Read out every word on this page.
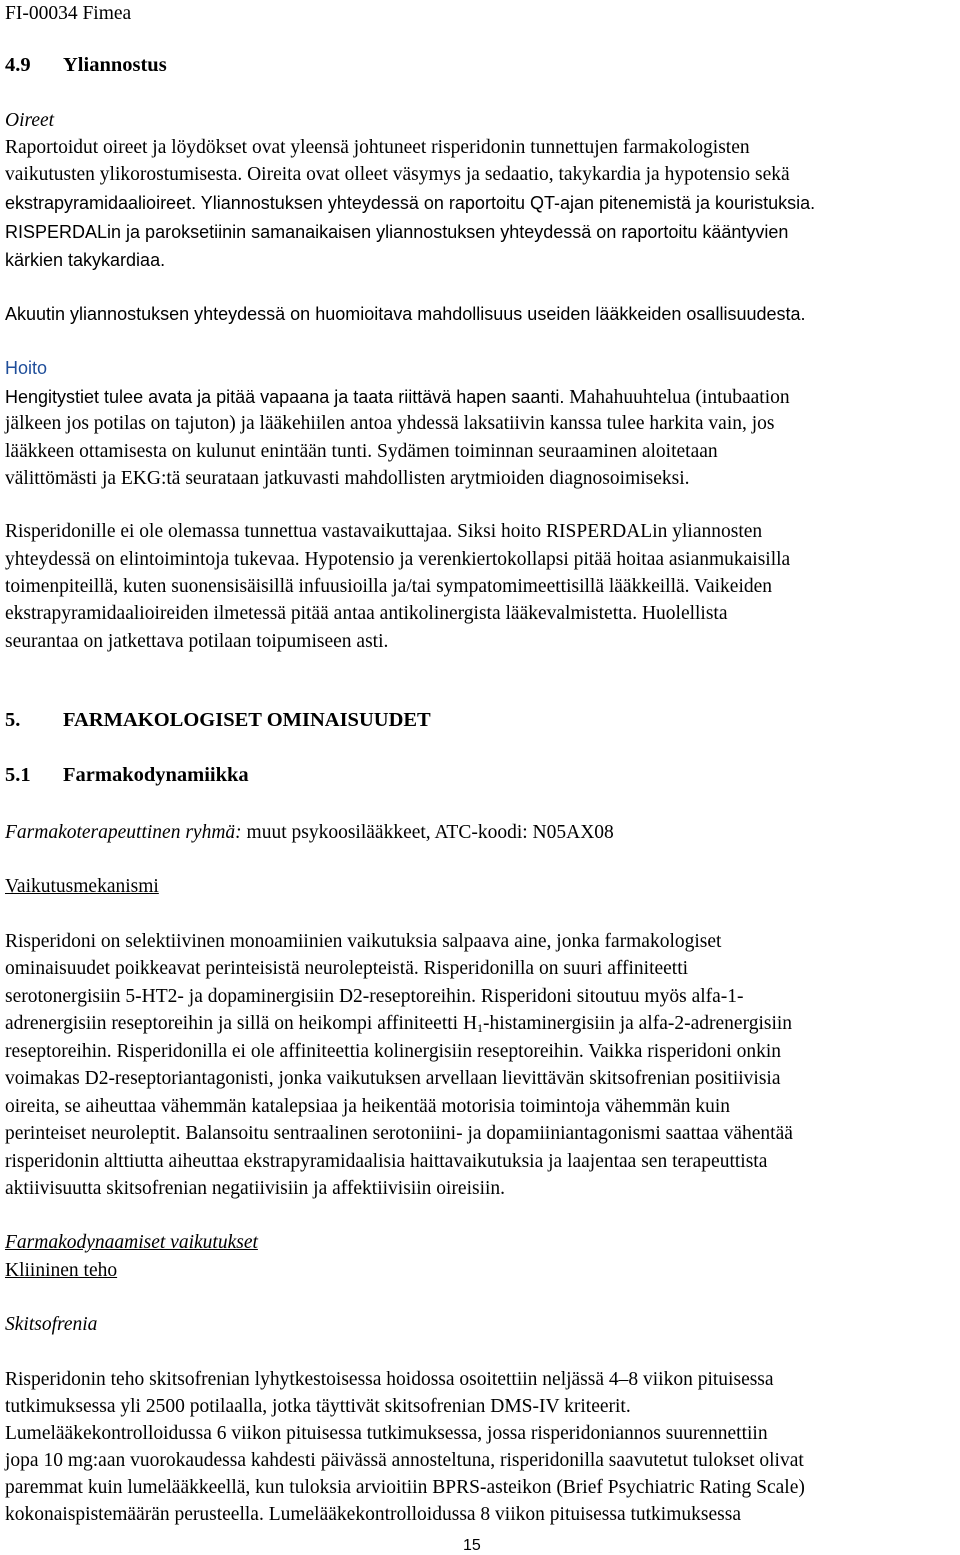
FI-00034 Fimea
4.9 Yliannostus
Oireet
Raportoidut oireet ja löydökset ovat yleensä johtuneet risperidonin tunnettujen farmakologisten
vaikutusten ylikorostumisesta. Oireita ovat olleet väsymys ja sedaatio, takykardia ja hypotensio sekä
ekstrapyramidaalioireet. Yliannostuksen yhteydessä on raportoitu QT-ajan pitenemistä ja kouristuksia.
RISPERDALin ja paroksetiinin samanaikaisen yliannostuksen yhteydessä on raportoitu kääntyvien
kärkien takykardiaa.
Akuutin yliannostuksen yhteydessä on huomioitava mahdollisuus useiden lääkkeiden osallisuudesta.
Hoito
Hengitystiet tulee avata ja pitää vapaana ja taata riittävä hapen saanti. Mahahuuhtelua (intubaation
jälkeen jos potilas on tajuton) ja lääkehiilen antoa yhdessä laksatiivin kanssa tulee harkita vain, jos
lääkkeen ottamisesta on kulunut enintään tunti. Sydämen toiminnan seuraaminen aloitetaan
välittömästi ja EKG:tä seurataan jatkuvasti mahdollisten arytmioiden diagnosoimiseksi.
Risperidonille ei ole olemassa tunnettua vastavaikuttajaa. Siksi hoito RISPERDALin yliannosten
yhteydessä on elintoimintoja tukevaa. Hypotensio ja verenkiertokollapsi pitää hoitaa asianmukaisilla
toimenpiteillä, kuten suonensisäisillä infuusioilla ja/tai sympatomimeettisillä lääkkeillä. Vaikeiden
ekstrapyramidaalioireiden ilmetessä pitää antaa antikolinergista lääkevalmistetta. Huolellista
seurantaa on jatkettava potilaan toipumiseen asti.
5. FARMAKOLOGISET OMINAISUUDET
5.1 Farmakodynamiikka
Farmakoterapeuttinen ryhmä: muut psykoosilääkkeet, ATC-koodi: N05AX08
Vaikutusmekanismi
Risperidoni on selektiivinen monoamiinien vaikutuksia salpaava aine, jonka farmakologiset
ominaisuudet poikkeavat perinteisistä neurolepteistä. Risperidonilla on suuri affiniteetti
serotonergisiin 5-HT2- ja dopaminergisiin D2-reseptoreihin. Risperidoni sitoutuu myös alfa-1-
adrenergisiin reseptoreihin ja sillä on heikompi affiniteetti $H_1$-histaminergisiin ja alfa-2-adrenergisiin
reseptoreihin. Risperidonilla ei ole affiniteettia kolinergisiin reseptoreihin. Vaikka risperidoni onkin
voimakas D2-reseptoriantagonisti, jonka vaikutuksen arvellaan lievittävän skitsofrenian positiivisia
oireita, se aiheuttaa vähemmän katalepsiaa ja heikentää motorisia toimintoja vähemmän kuin
perinteiset neuroleptit. Balansoitu sentraalinen serotoniini- ja dopamiiniantagonismi saattaa vähentää
risperidonin alttiutta aiheuttaa ekstrapyramidaalisia haittavaikutuksia ja laajentaa sen terapeuttista
aktiivisuutta skitsofrenian negatiivisiin ja affektiivisiin oireisiin.
Farmakodynaamiset vaikutukset
Kliininen teho
Skitsofrenia
Risperidonin teho skitsofrenian lyhytkestoisessa hoidossa osoitettiin neljässä 4–8 viikon pituisessa
tutkimuksessa yli 2500 potilaalla, jotka täyttivät skitsofrenian DMS-IV kriteerit.
Lumelääkekontrolloidussa 6 viikon pituisessa tutkimuksessa, jossa risperidoniannos suurennettiin
jopa 10 mg:aan vuorokaudessa kahdesti päivässä annosteltuna, risperidonilla saavutetut tulokset olivat
paremmat kuin lumelääkkeellä, kun tuloksia arvioitiin BPRS-asteikon (Brief Psychiatric Rating Scale)
kokonaispistemäärän perusteella. Lumelääkekontrolloidussa 8 viikon pituisessa tutkimuksessa
15
